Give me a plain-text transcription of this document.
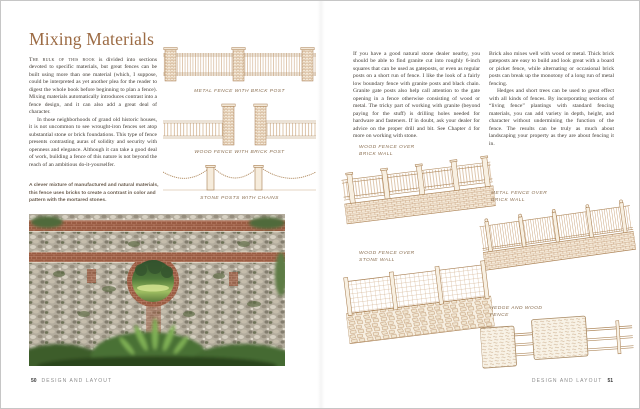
Mixing Materials

The bulk of this book is divided into sections devoted to specific materials, but great fences can be built using more than one material (which, I suppose, could be interpreted as yet another plea for the reader to digest the whole book before beginning to plan a fence). Mixing materials automatically introduces contrast into a fence design, and it can also add a great deal of character.

In those neighborhoods of grand old historic houses, it is not uncommon to see wrought-iron fences set atop substantial stone or brick foundations. This type of fence presents contrasting auras of solidity and security with openness and elegance. Although it can take a good deal of work, building a fence of this nature is not beyond the reach of an ambitious do-it-yourselfer.

A clever mixture of manufactured and natural materials, this fence uses bricks to create a contrast in color and pattern with the mortared stones.
METAL FENCE WITH BRICK POST
WOOD FENCE WITH BRICK POST
STONE POSTS WITH CHAINS
50 DESIGN AND LAYOUT

If you have a good natural stone dealer nearby, you should be able to find granite cut into roughly 6-inch squares that can be used as gateposts, or even as regular posts on a short run of fence. I like the look of a fairly low boundary fence with granite posts and black chain. Granite gate posts also help call attention to the gate opening in a fence otherwise consisting of wood or metal. The tricky part of working with granite (beyond paying for the stuff) is drilling holes needed for hardware and fasteners. If in doubt, ask your dealer for advice on the proper drill and bit. See Chapter 4 for more on working with stone.

Brick also mixes well with wood or metal. Thick brick gateposts are easy to build and look great with a board or picket fence, while alternating or occasional brick posts can break up the monotony of a long run of metal fencing.

Hedges and short trees can be used to great effect with all kinds of fences. By incorporating sections of “living fence” plantings with standard fencing materials, you can add variety in depth, height, and character without undermining the function of the fence. The results can be truly as much about landscaping your property as they are about fencing it in.

WOOD FENCE OVER
BRICK WALL
METAL FENCE OVER
BRICK WALL
WOOD FENCE OVER
STONE WALL
HEDGE AND WOOD
FENCE
DESIGN AND LAYOUT 51
